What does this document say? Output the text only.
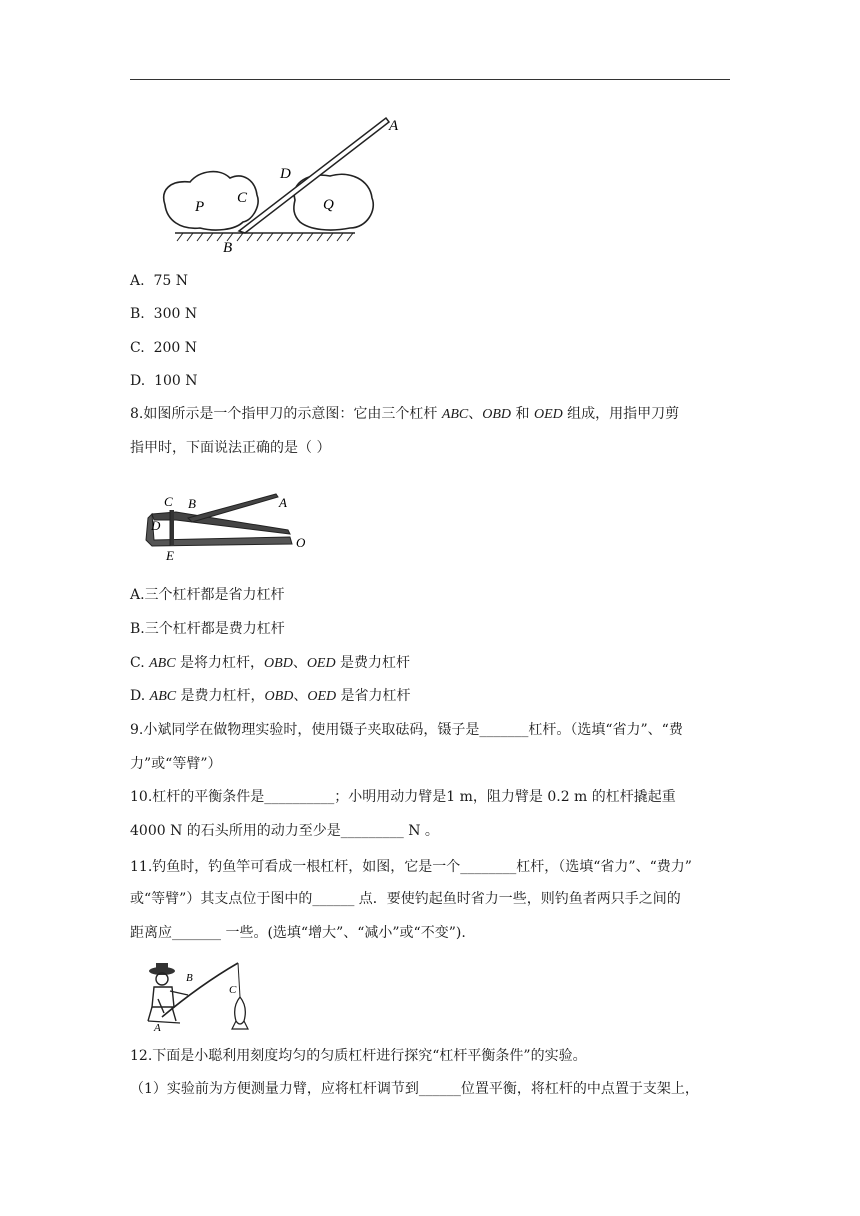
A
B
C
D
P	Q
A. 75 N
B. 300 N
C. 200 N
D. 100 N
8.如图所示是一个指甲刀的示意图：它由三个杠杆 ABC、OBD 和 OED 组成，用指甲刀剪
指甲时，下面说法正确的是（ ）
C B	A
D
E
O
A.三个杠杆都是省力杠杆
B.三个杠杆都是费力杠杆
C. ABC 是将力杠杆，OBD、OED 是费力杠杆
D. ABC 是费力杠杆，OBD、OED 是省力杠杆
9.小斌同学在做物理实验时，使用镊子夹取砝码，镊子是_______杠杆。（选填“省力”、“费
力”或“等臂”）
10.杠杆的平衡条件是__________；小明用动力臂是1 m，阻力臂是 0.2 m 的杠杆撬起重
4000 N 的石头所用的动力至少是_________ N 。
11.钓鱼时，钓鱼竿可看成一根杠杆，如图，它是一个________杠杆，（选填“省力”、“费力”
或“等臂”）其支点位于图中的______ 点．要使钓起鱼时省力一些，则钓鱼者两只手之间的
距离应_______ 一些。(选填“增大”、“减小”或“不变”).
B
C
A
12.下面是小聪利用刻度均匀的匀质杠杆进行探究“杠杆平衡条件”的实验。
（1）实验前为方便测量力臂，应将杠杆调节到______位置平衡，将杠杆的中点置于支架上，
